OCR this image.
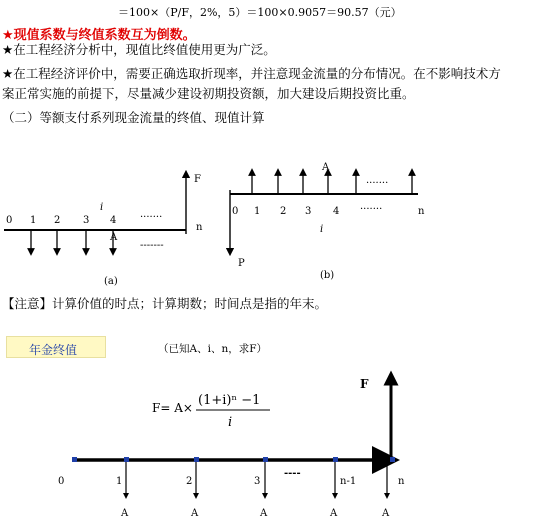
＝100×（P/F，2%，5）＝100×0.9057＝90.57（元）
★现值系数与终值系数互为倒数。
★在工程经济分析中，现值比终值使用更为广泛。
★在工程经济评价中，需要正确选取折现率，并注意现金流量的分布情况。在不影响技术方
案正常实施的前提下，尽量减少建设初期投资额，加大建设后期投资比重。
（二）等额支付系列现金流量的终值、现值计算
F
0 1 2 3 4 ·······
n
i
A
-------
(a)
P
A
·······
0 1 2 3 4 ·······	n
i
(b)
【注意】计算价值的时点；计算期数；时间点是指的年末。
年金终值	（已知A、i、n，求F）
F= A× (1+i)ⁿ −1
i
F
0	1	2	3	n-1	n
----
A	A	A	A	A
